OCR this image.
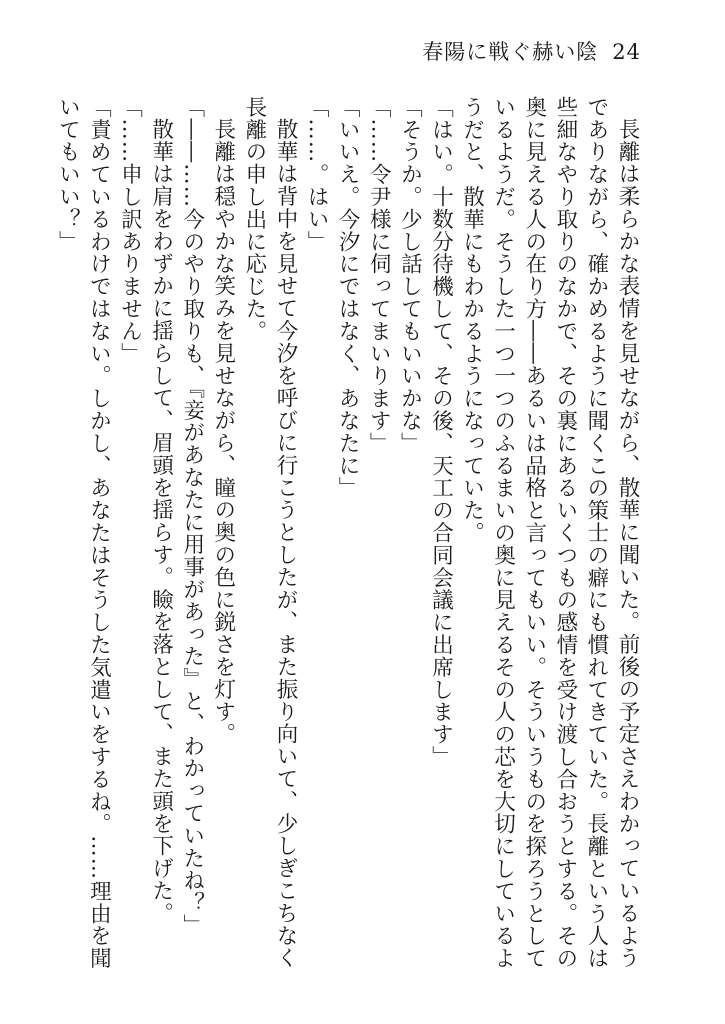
春陽に戦ぐ赫い陰 24

長離は柔らかな表情を見せながら、散華に聞いた。前後の予定さえわかっているようでありながら、確かめるように聞くこの策士の癖にも慣れてきていた。長離という人は些細なやり取りのなかで、その裏にあるいくつもの感情を受け渡し合おうとする。その奥に見える人の在り方――あるいは品格と言ってもいい。そういうものを探ろうとしているようだ。そうした一つ一つのふるまいの奥に見えるその人の芯を大切にしているようだと、散華にもわかるようになっていた。

「はい。十数分待機して、その後、天工の合同会議に出席します」

「そうか。少し話してもいいかな」

「……令尹様に伺ってまいります」

「いいえ。今汐にではなく、あなたに」

「……。はい」

散華は背中を見せて今汐を呼びに行こうとしたが、また振り向いて、少しぎこちなく長離の申し出に応じた。

長離は穏やかな笑みを見せながら、瞳の奥の色に鋭さを灯す。

「――……今のやり取りも、『妾があなたに用事があった』と、わかっていたね？」

散華は肩をわずかに揺らして、眉頭を揺らす。瞼を落として、また頭を下げた。

「……申し訳ありません」

「責めているわけではない。しかし、あなたはそうした気遣いをするね。……理由を聞いてもいい？」
